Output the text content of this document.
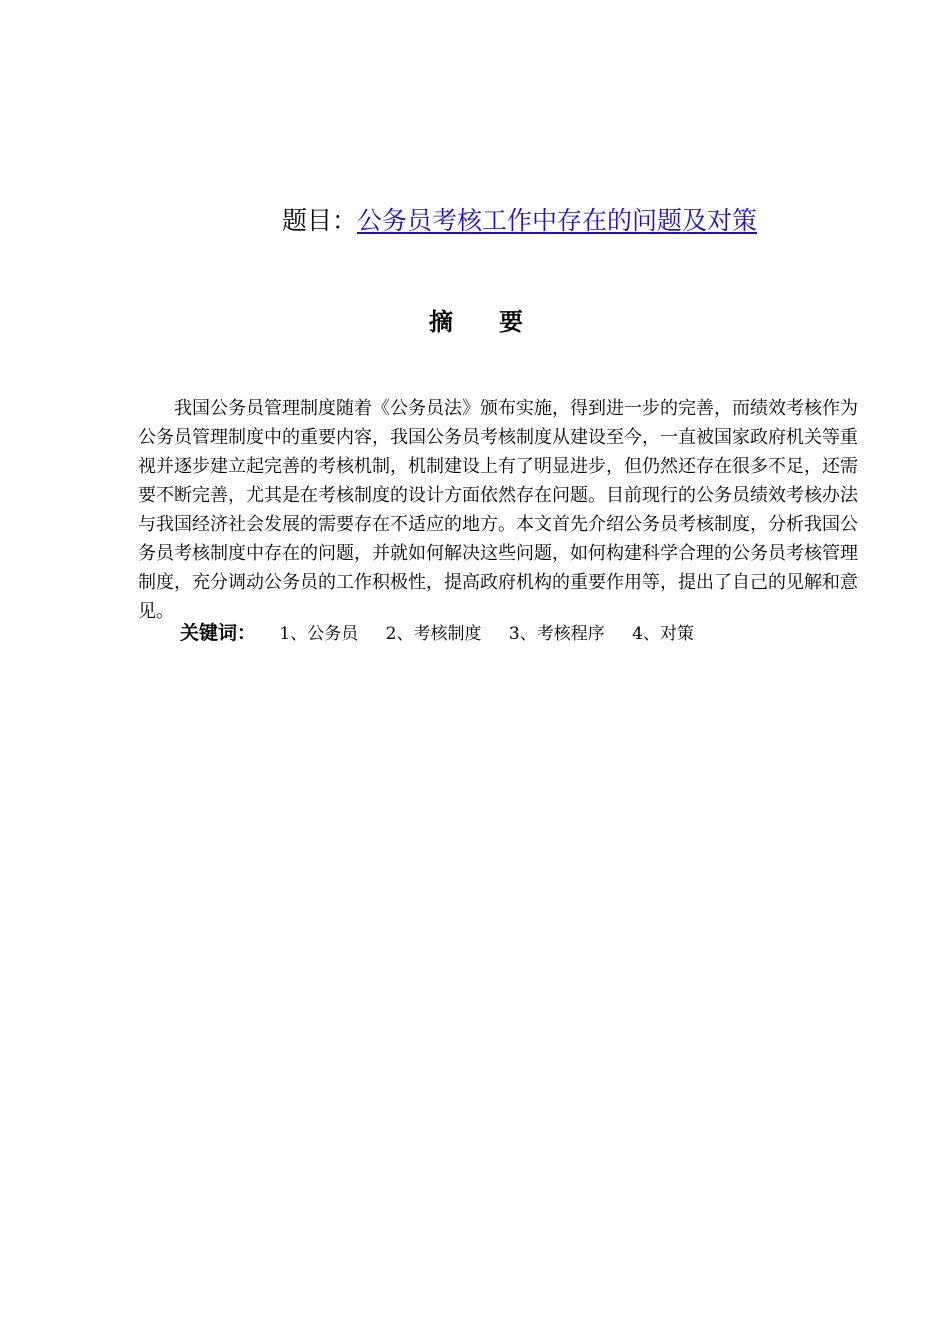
题目：公务员考核工作中存在的问题及对策
摘要

我国公务员管理制度随着《公务员法》颁布实施，得到进一步的完善，而绩效考核作为公务员管理制度中的重要内容，我国公务员考核制度从建设至今，一直被国家政府机关等重视并逐步建立起完善的考核机制，机制建设上有了明显进步，但仍然还存在很多不足，还需要不断完善，尤其是在考核制度的设计方面依然存在问题。目前现行的公务员绩效考核办法与我国经济社会发展的需要存在不适应的地方。本文首先介绍公务员考核制度，分析我国公务员考核制度中存在的问题，并就如何解决这些问题，如何构建科学合理的公务员考核管理制度，充分调动公务员的工作积极性，提高政府机构的重要作用等，提出了自己的见解和意见。

关键词： 1、公务员 2、考核制度 3、考核程序 4、对策
